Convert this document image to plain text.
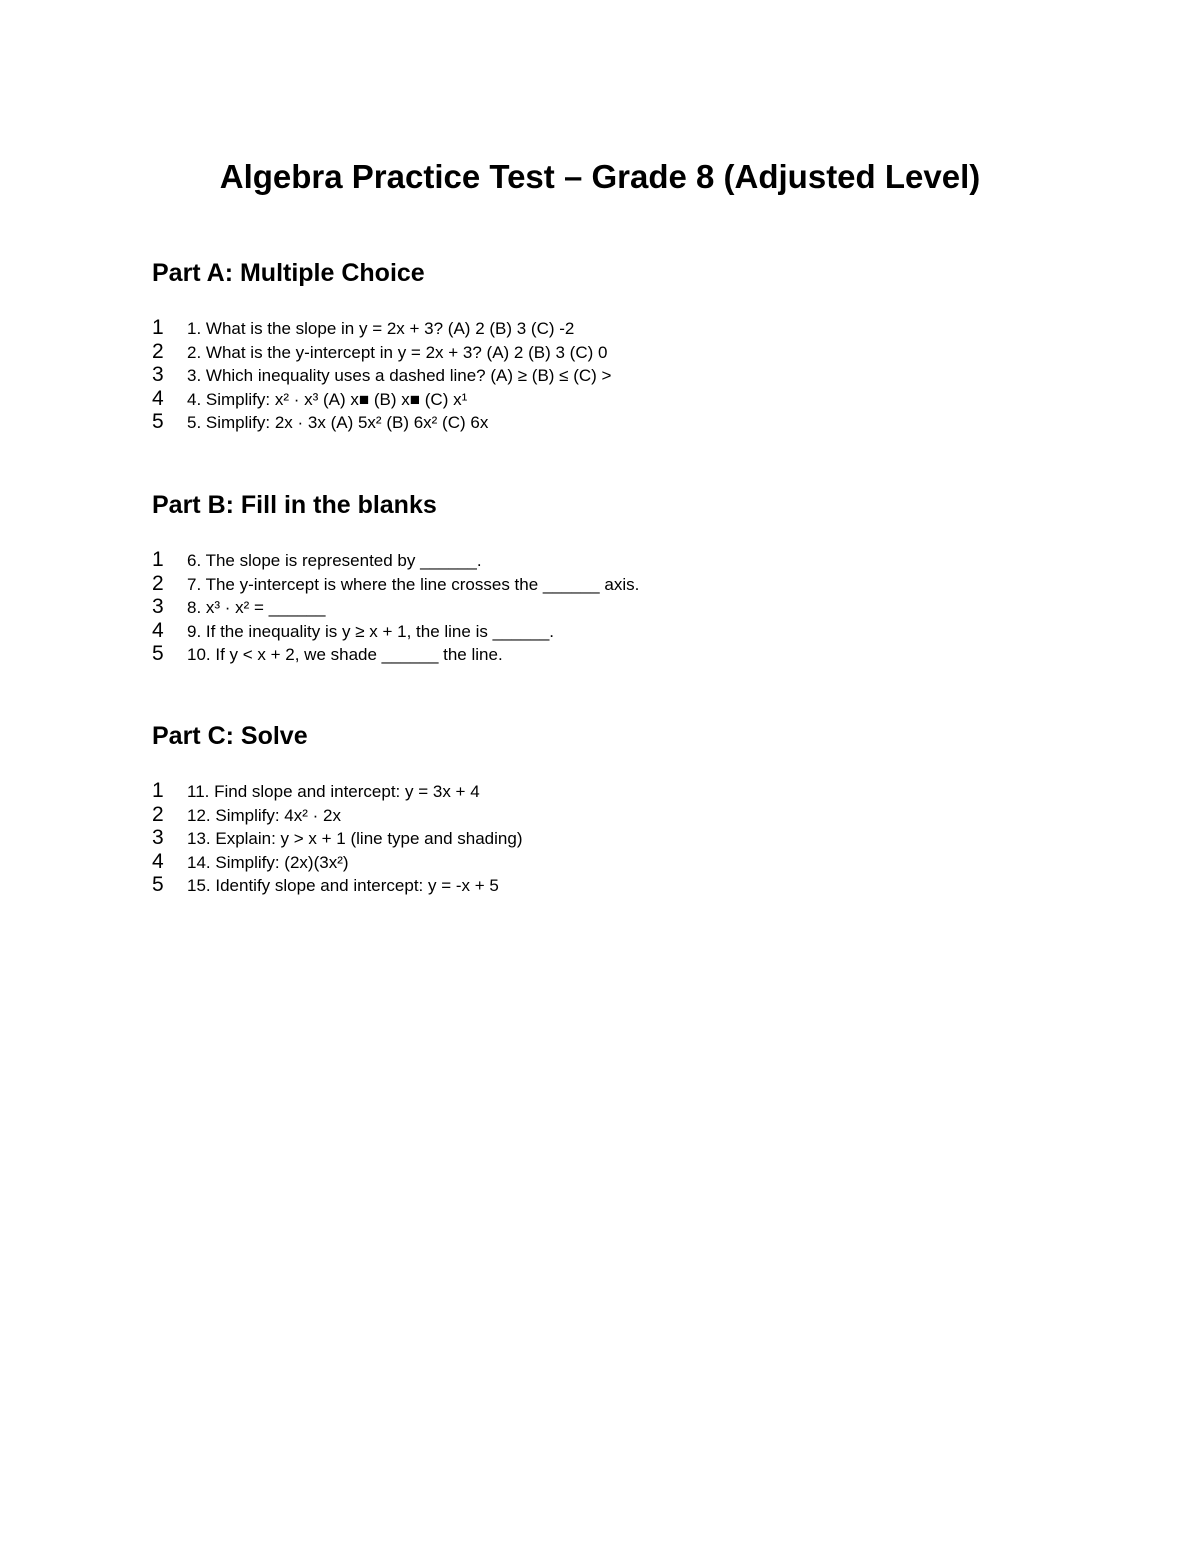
Algebra Practice Test – Grade 8 (Adjusted Level)
Part A: Multiple Choice
1	1. What is the slope in y = 2x + 3? (A) 2 (B) 3 (C) -2
2	2. What is the y-intercept in y = 2x + 3? (A) 2 (B) 3 (C) 0
3	3. Which inequality uses a dashed line? (A) ≥ (B) ≤ (C) >
4	4. Simplify: x² · x³ (A) x■ (B) x■ (C) x¹
5	5. Simplify: 2x · 3x (A) 5x² (B) 6x² (C) 6x
Part B: Fill in the blanks
1	6. The slope is represented by ______.
2	7. The y-intercept is where the line crosses the ______ axis.
3	8. x³ · x² = ______
4	9. If the inequality is y ≥ x + 1, the line is ______.
5	10. If y < x + 2, we shade ______ the line.
Part C: Solve
1	11. Find slope and intercept: y = 3x + 4
2	12. Simplify: 4x² · 2x
3	13. Explain: y > x + 1 (line type and shading)
4	14. Simplify: (2x)(3x²)
5	15. Identify slope and intercept: y = -x + 5
